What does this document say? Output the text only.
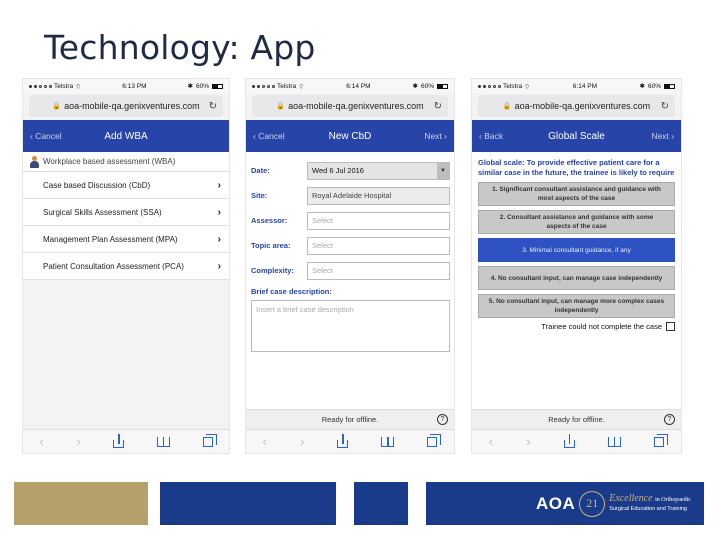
Technology: App
Telstra ⌔	6:13 PM	✱ 60%
🔒 aoa-mobile-qa.genixventures.com ↻
‹ Cancel	Add WBA
Workplace based assessment (WBA)
Case based Discussion (CbD)	›
Surgical Skills Assessment (SSA)	›
Management Plan Assessment (MPA)	›
Patient Consultation Assessment (PCA)	›
‹	›
Telstra ⌔	6:14 PM	✱ 60%
🔒 aoa-mobile-qa.genixventures.com ↻
‹ Cancel	New CbD	Next ›
Date:	Wed 6 Jul 2016	▼
Site:	Royal Adelaide Hospital
Assessor:	Select
Topic area:	Select
Complexity:	Select
Brief case description:
Insert a brief case description
Ready for offline.	?
‹	›
Telstra ⌔	6:14 PM	✱ 60%
🔒 aoa-mobile-qa.genixventures.com ↻
‹ Back	Global Scale	Next ›
Global scale: To provide effective patient care for a similar case in the future, the trainee is likely to require
1. Significant consultant assistance and guidance with most aspects of the case
2. Consultant assistance and guidance with some aspects of the case
3. Minimal consultant guidance, if any
4. No consultant input, can manage case independently
5. No consultant input, can manage more complex cases independently
Trainee could not complete the case
Ready for offline.	?
‹	›
AOA 21	Excellence in Orthopaedic
Surgical Education and Training
